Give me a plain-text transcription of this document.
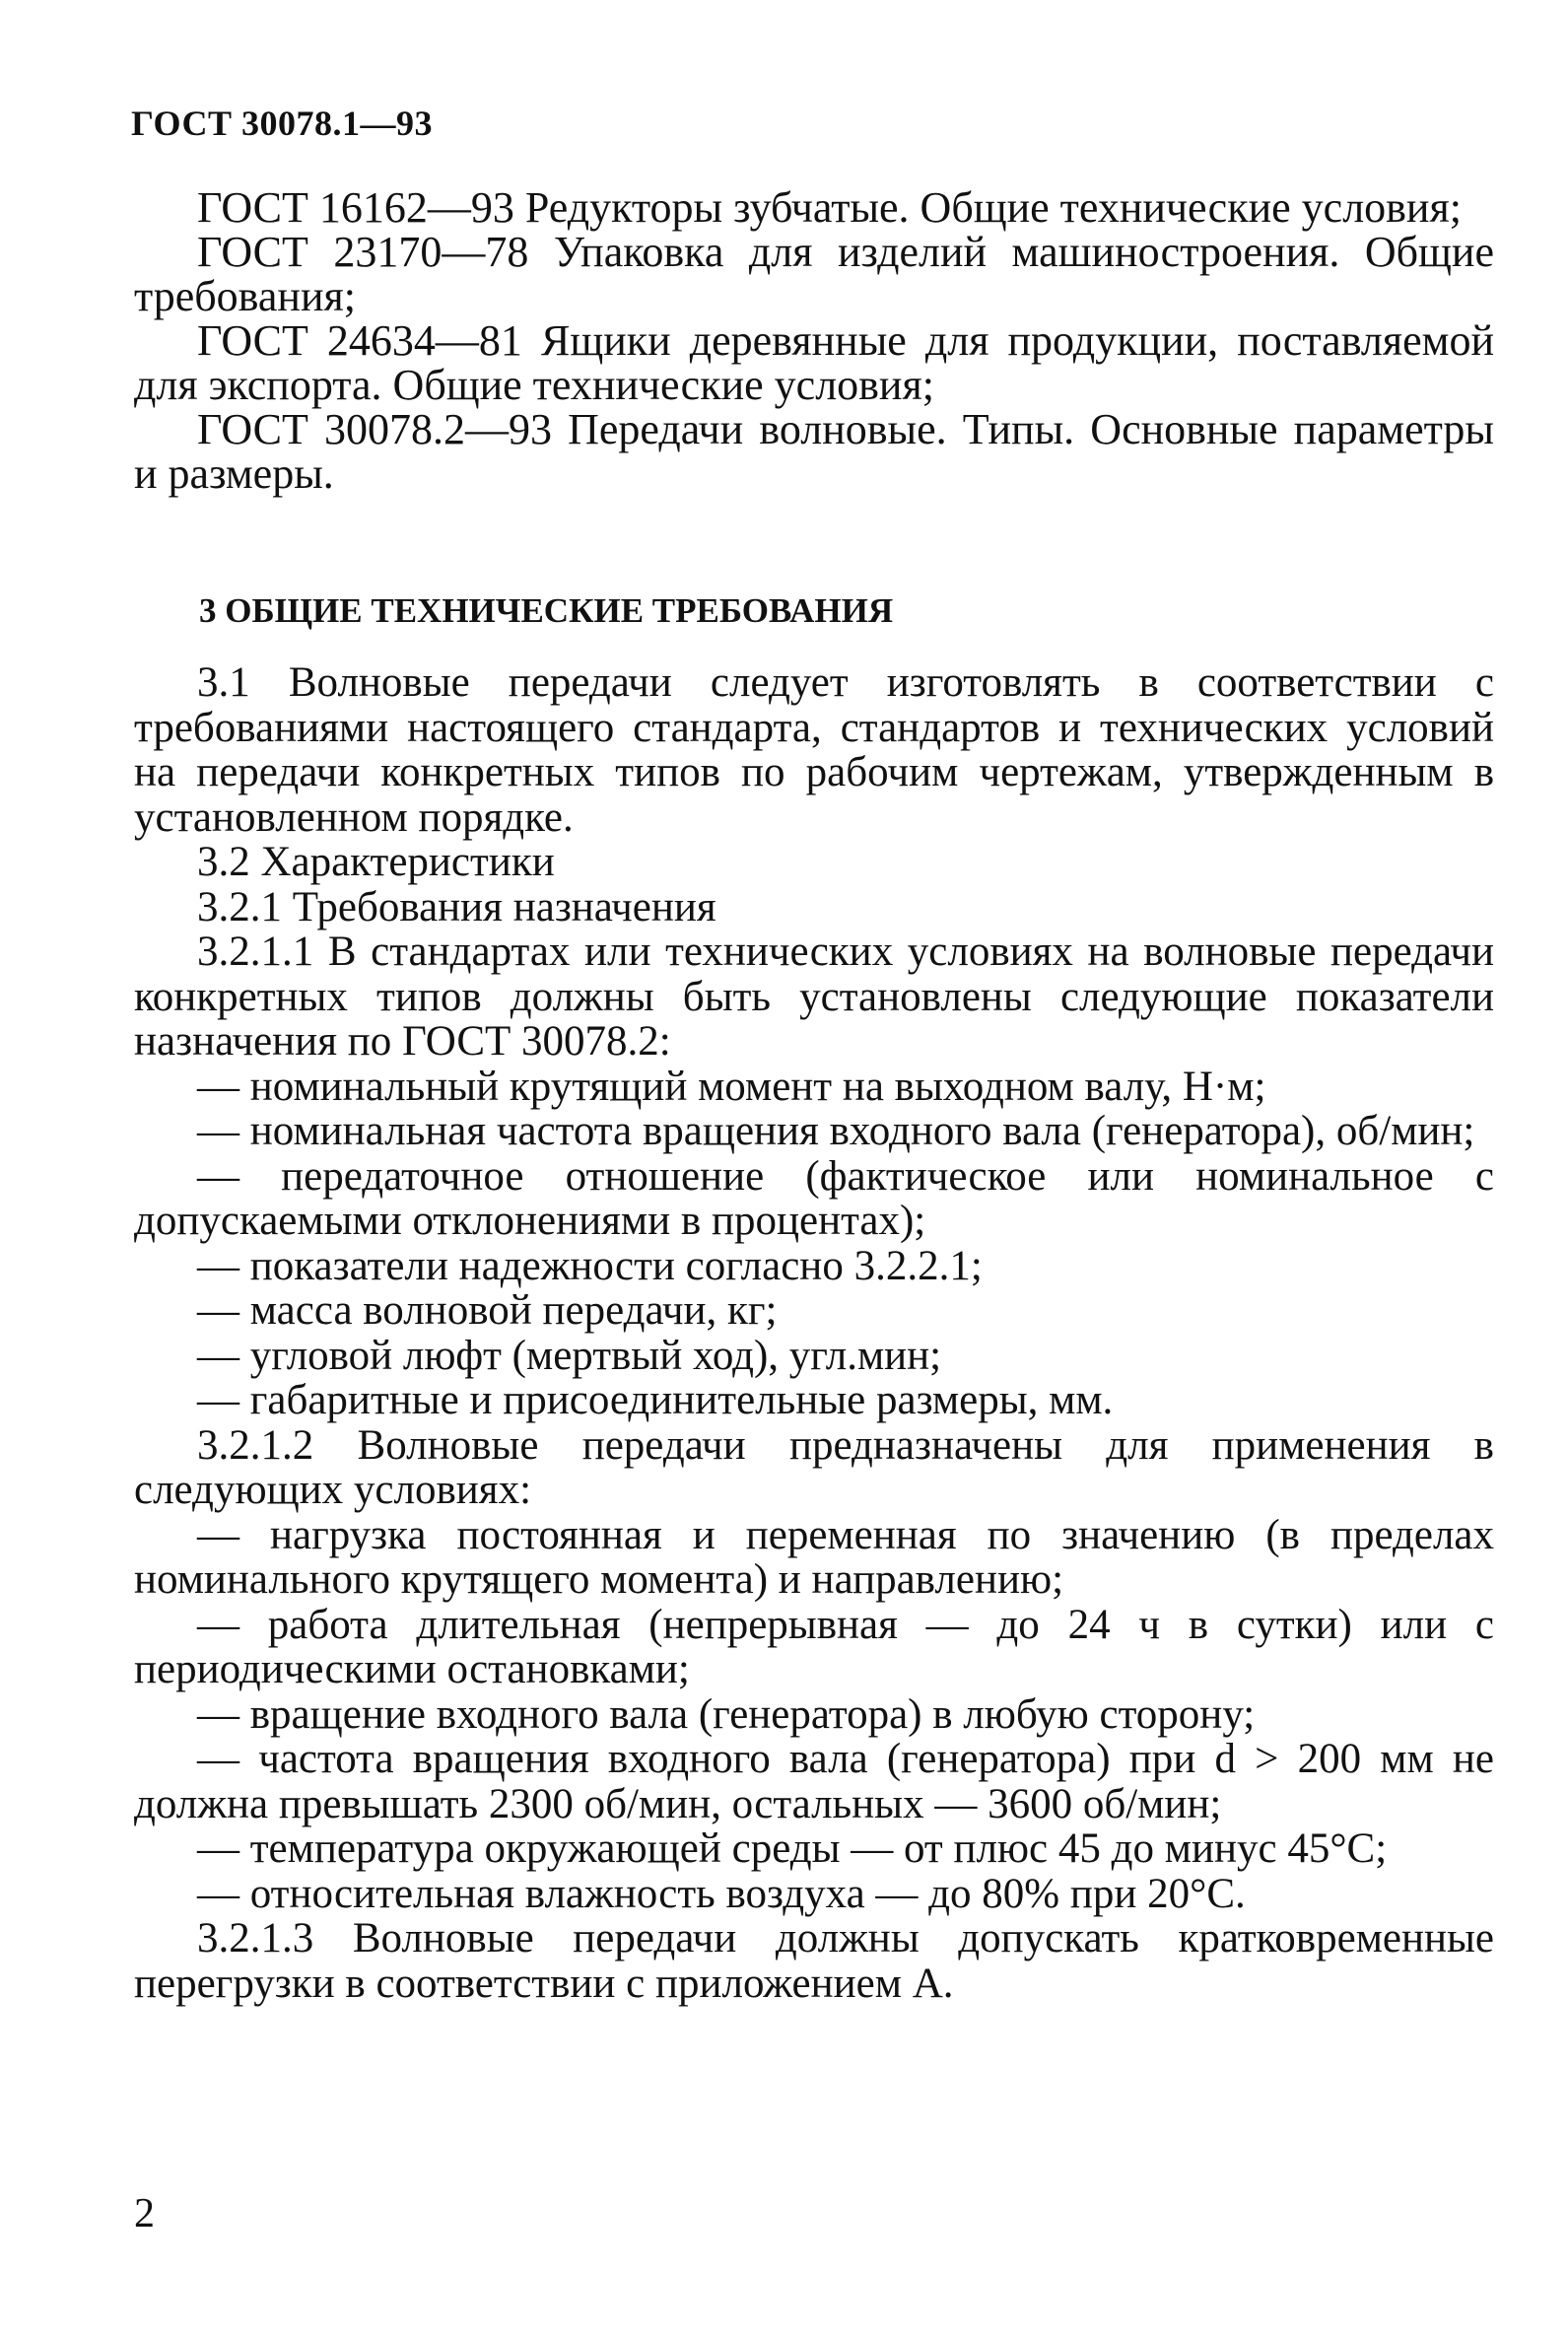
ГОСТ 30078.1—93

ГОСТ 16162—93 Редукторы зубчатые. Общие технические условия;

ГОСТ 23170—78 Упаковка для изделий машиностроения. Общие требования;

ГОСТ 24634—81 Ящики деревянные для продукции, поставляемой для экспорта. Общие технические условия;

ГОСТ 30078.2—93 Передачи волновые. Типы. Основные параметры и размеры.

3 ОБЩИЕ ТЕХНИЧЕСКИЕ ТРЕБОВАНИЯ

3.1 Волновые передачи следует изготовлять в соответствии с требованиями настоящего стандарта, стандартов и технических условий на передачи конкретных типов по рабочим чертежам, утвержденным в установленном порядке.

3.2 Характеристики

3.2.1 Требования назначения

3.2.1.1 В стандартах или технических условиях на волновые передачи конкретных типов должны быть установлены следующие показатели назначения по ГОСТ 30078.2:

— номинальный крутящий момент на выходном валу, Н·м;

— номинальная частота вращения входного вала (генератора), об/мин;

— передаточное отношение (фактическое или номинальное с допускаемыми отклонениями в процентах);

— показатели надежности согласно 3.2.2.1;

— масса волновой передачи, кг;

— угловой люфт (мертвый ход), угл.мин;

— габаритные и присоединительные размеры, мм.

3.2.1.2 Волновые передачи предназначены для применения в следующих условиях:

— нагрузка постоянная и переменная по значению (в пределах номинального крутящего момента) и направлению;

— работа длительная (непрерывная — до 24 ч в сутки) или с периодическими остановками;

— вращение входного вала (генератора) в любую сторону;

— частота вращения входного вала (генератора) при d > 200 мм не должна превышать 2300 об/мин, остальных — 3600 об/мин;

— температура окружающей среды — от плюс 45 до минус 45°С;

— относительная влажность воздуха — до 80% при 20°С.

3.2.1.3 Волновые передачи должны допускать кратковременные перегрузки в соответствии с приложением А.

2
